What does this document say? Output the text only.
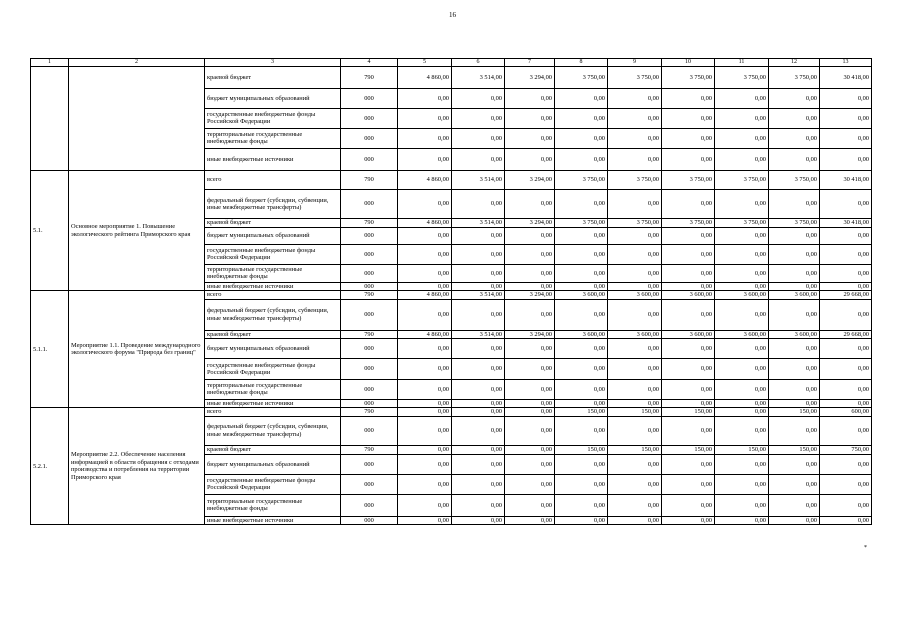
16
1	2	3	4	5	6	7	8	9	10	11	12	13
		краевой бюджет	790	4 860,00	3 514,00	3 294,00	3 750,00	3 750,00	3 750,00	3 750,00	3 750,00	30 418,00
		бюджет муниципальных образований	000	0,00	0,00	0,00	0,00	0,00	0,00	0,00	0,00	0,00
		государственные внебюджетные фонды Российской Федерации	000	0,00	0,00	0,00	0,00	0,00	0,00	0,00	0,00	0,00
		территориальные государственные внебюджетные фонды	000	0,00	0,00	0,00	0,00	0,00	0,00	0,00	0,00	0,00
		иные внебюджетные источники	000	0,00	0,00	0,00	0,00	0,00	0,00	0,00	0,00	0,00
5.1.	Основное мероприятие 1. Повышение экологического рейтинга Приморского края	всего	790	4 860,00	3 514,00	3 294,00	3 750,00	3 750,00	3 750,00	3 750,00	3 750,00	30 418,00
		федеральный бюджет (субсидии, субвенции, иные межбюджетные трансферты)	000	0,00	0,00	0,00	0,00	0,00	0,00	0,00	0,00	0,00
		краевой бюджет	790	4 860,00	3 514,00	3 294,00	3 750,00	3 750,00	3 750,00	3 750,00	3 750,00	30 418,00
		бюджет муниципальных образований	000	0,00	0,00	0,00	0,00	0,00	0,00	0,00	0,00	0,00
		государственные внебюджетные фонды Российской Федерации	000	0,00	0,00	0,00	0,00	0,00	0,00	0,00	0,00	0,00
		территориальные государственные внебюджетные фонды	000	0,00	0,00	0,00	0,00	0,00	0,00	0,00	0,00	0,00
		иные внебюджетные источники	000	0,00	0,00	0,00	0,00	0,00	0,00	0,00	0,00	0,00
5.1.1.	Мероприятие 1.1. Проведение международного экологического форума "Природа без границ"	всего	790	4 860,00	3 514,00	3 294,00	3 600,00	3 600,00	3 600,00	3 600,00	3 600,00	29 668,00
		федеральный бюджет (субсидии, субвенции, иные межбюджетные трансферты)	000	0,00	0,00	0,00	0,00	0,00	0,00	0,00	0,00	0,00
		краевой бюджет	790	4 860,00	3 514,00	3 294,00	3 600,00	3 600,00	3 600,00	3 600,00	3 600,00	29 668,00
		бюджет муниципальных образований	000	0,00	0,00	0,00	0,00	0,00	0,00	0,00	0,00	0,00
		государственные внебюджетные фонды Российской Федерации	000	0,00	0,00	0,00	0,00	0,00	0,00	0,00	0,00	0,00
		территориальные государственные внебюджетные фонды	000	0,00	0,00	0,00	0,00	0,00	0,00	0,00	0,00	0,00
		иные внебюджетные источники	000	0,00	0,00	0,00	0,00	0,00	0,00	0,00	0,00	0,00
5.2.1.	Мероприятие 2.2. Обеспечение населения информацией в области обращения с отходами производства и потребления на территории Приморского края	всего	790	0,00	0,00	0,00	150,00	150,00	150,00	0,00	150,00	600,00
		федеральный бюджет (субсидии, субвенции, иные межбюджетные трансферты)	000	0,00	0,00	0,00	0,00	0,00	0,00	0,00	0,00	0,00
		краевой бюджет	790	0,00	0,00	0,00	150,00	150,00	150,00	150,00	150,00	750,00
		бюджет муниципальных образований	000	0,00	0,00	0,00	0,00	0,00	0,00	0,00	0,00	0,00
		государственные внебюджетные фонды Российской Федерации	000	0,00	0,00	0,00	0,00	0,00	0,00	0,00	0,00	0,00
		территориальные государственные внебюджетные фонды	000	0,00	0,00	0,00	0,00	0,00	0,00	0,00	0,00	0,00
		иные внебюджетные источники	000	0,00	0,00	0,00	0,00	0,00	0,00	0,00	0,00	0,00
*
